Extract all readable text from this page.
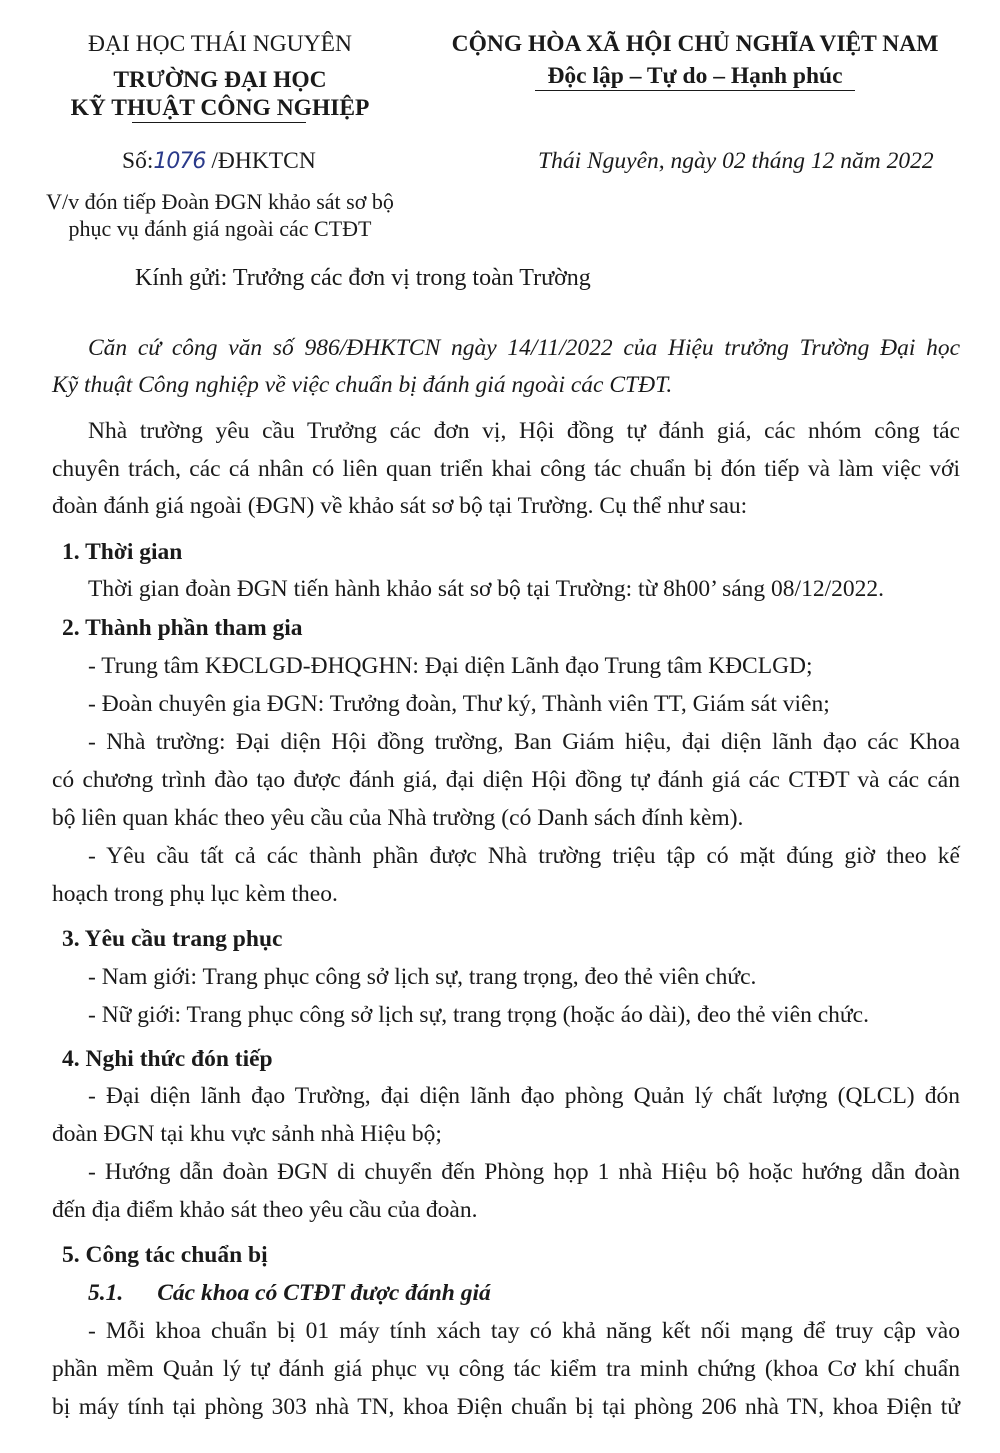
ĐẠI HỌC THÁI NGUYÊN
TRƯỜNG ĐẠI HỌC
KỸ THUẬT CÔNG NGHIỆP
Số:1076 /ĐHKTCN
V/v đón tiếp Đoàn ĐGN khảo sát sơ bộ
phục vụ đánh giá ngoài các CTĐT
CỘNG HÒA XÃ HỘI CHỦ NGHĨA VIỆT NAM
Độc lập – Tự do – Hạnh phúc
Thái Nguyên, ngày 02 tháng 12 năm 2022
Kính gửi: Trưởng các đơn vị trong toàn Trường
Căn cứ công văn số 986/ĐHKTCN ngày 14/11/2022 của Hiệu trưởng Trường Đại học
Kỹ thuật Công nghiệp về việc chuẩn bị đánh giá ngoài các CTĐT.
Nhà trường yêu cầu Trưởng các đơn vị, Hội đồng tự đánh giá, các nhóm công tác
chuyên trách, các cá nhân có liên quan triển khai công tác chuẩn bị đón tiếp và làm việc với
đoàn đánh giá ngoài (ĐGN) về khảo sát sơ bộ tại Trường. Cụ thể như sau:
1. Thời gian
Thời gian đoàn ĐGN tiến hành khảo sát sơ bộ tại Trường: từ 8h00’ sáng 08/12/2022.
2. Thành phần tham gia
- Trung tâm KĐCLGD-ĐHQGHN: Đại diện Lãnh đạo Trung tâm KĐCLGD;
- Đoàn chuyên gia ĐGN: Trưởng đoàn, Thư ký, Thành viên TT, Giám sát viên;
- Nhà trường: Đại diện Hội đồng trường, Ban Giám hiệu, đại diện lãnh đạo các Khoa
có chương trình đào tạo được đánh giá, đại diện Hội đồng tự đánh giá các CTĐT và các cán
bộ liên quan khác theo yêu cầu của Nhà trường (có Danh sách đính kèm).
- Yêu cầu tất cả các thành phần được Nhà trường triệu tập có mặt đúng giờ theo kế
hoạch trong phụ lục kèm theo.
3. Yêu cầu trang phục
- Nam giới: Trang phục công sở lịch sự, trang trọng, đeo thẻ viên chức.
- Nữ giới: Trang phục công sở lịch sự, trang trọng (hoặc áo dài), đeo thẻ viên chức.
4. Nghi thức đón tiếp
- Đại diện lãnh đạo Trường, đại diện lãnh đạo phòng Quản lý chất lượng (QLCL) đón
đoàn ĐGN tại khu vực sảnh nhà Hiệu bộ;
- Hướng dẫn đoàn ĐGN di chuyển đến Phòng họp 1 nhà Hiệu bộ hoặc hướng dẫn đoàn
đến địa điểm khảo sát theo yêu cầu của đoàn.
5. Công tác chuẩn bị
5.1. Các khoa có CTĐT được đánh giá
- Mỗi khoa chuẩn bị 01 máy tính xách tay có khả năng kết nối mạng để truy cập vào
phần mềm Quản lý tự đánh giá phục vụ công tác kiểm tra minh chứng (khoa Cơ khí chuẩn
bị máy tính tại phòng 303 nhà TN, khoa Điện chuẩn bị tại phòng 206 nhà TN, khoa Điện tử
